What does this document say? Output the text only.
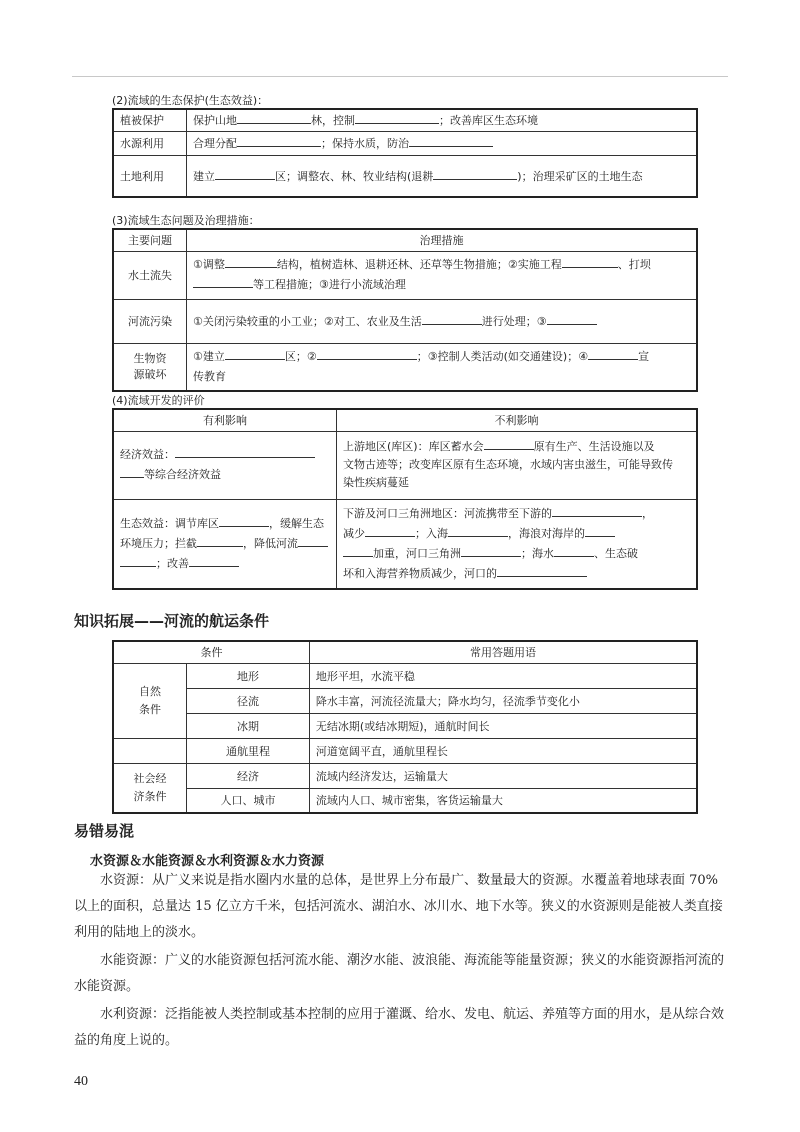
(2)流域的生态保护(生态效益)：
植被保护	保护山地 林，控制 ；改善库区生态环境
水源利用	合理分配 ；保持水质，防治
土地利用	建立 区；调整农、林、牧业结构(退耕 )；治理采矿区的土地生态
(3)流域生态问题及治理措施：
主要问题	治理措施
水土流失	①调整 结构，植树造林、退耕还林、还草等生物措施；②实施工程 、打坝
等工程措施；③进行小流域治理
河流污染	①关闭污染较重的小工业；②对工、农业及生活 进行处理；③
生物资
源破坏	①建立 区；② ；③控制人类活动(如交通建设)；④ 宣
传教育
(4)流域开发的评价
有利影响	不利影响
经济效益：
等综合经济效益	上游地区(库区)：库区蓄水会 原有生产、生活设施以及
文物古迹等；改变库区原有生态环境，水域内害虫滋生，可能导致传
染性疾病蔓延
生态效益：调节库区 ，缓解生态
环境压力；拦截 ，降低河流
；改善	下游及河口三角洲地区：河流携带至下游的 ，
减少 ；入海 ，海浪对海岸的
加重，河口三角洲 ；海水 、生态破
坏和入海营养物质减少，河口的
知识拓展——河流的航运条件
条件		常用答题用语
自然
条件	地形	地形平坦，水流平稳
	径流	降水丰富，河流径流量大；降水均匀，径流季节变化小
	冰期	无结冰期(或结冰期短)，通航时间长
	通航里程	河道宽阔平直，通航里程长
社会经
济条件	经济	流域内经济发达，运输量大
	人口、城市	流域内人口、城市密集，客货运输量大
易错易混
水资源＆水能资源＆水利资源＆水力资源
水资源：从广义来说是指水圈内水量的总体，是世界上分布最广、数量最大的资源。水覆盖着地球表面 70% 以上的面积，总量达 15 亿立方千米，包括河流水、湖泊水、冰川水、地下水等。狭义的水资源则是能被人类直接利用的陆地上的淡水。
水能资源：广义的水能资源包括河流水能、潮汐水能、波浪能、海流能等能量资源；狭义的水能资源指河流的水能资源。
水利资源：泛指能被人类控制或基本控制的应用于灌溉、给水、发电、航运、养殖等方面的用水，是从综合效益的角度上说的。
40
